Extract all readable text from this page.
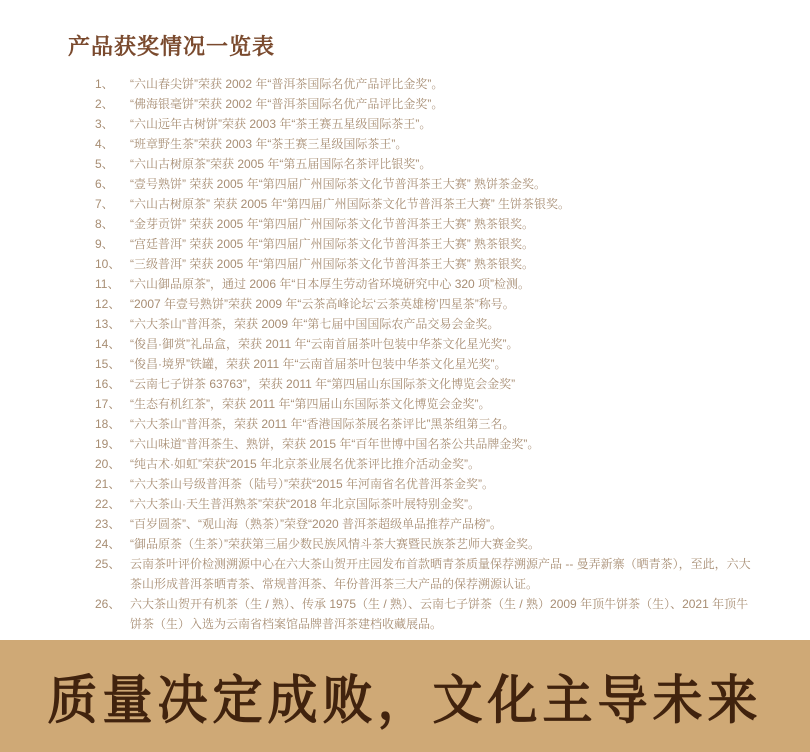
产品获奖情况一览表
1、	“六山春尖饼”荣获 2002 年“普洱茶国际名优产品评比金奖”。
2、	“佛海银毫饼”荣获 2002 年“普洱茶国际名优产品评比金奖”。
3、	“六山远年古树饼”荣获 2003 年“茶王赛五星级国际茶王”。
4、	“班章野生茶”荣获 2003 年“茶王赛三星级国际茶王”。
5、	“六山古树原茶”荣获 2005 年“第五届国际名茶评比银奖”。
6、	“壹号熟饼” 荣获 2005 年“第四届广州国际茶文化节普洱茶王大赛” 熟饼茶金奖。
7、	“六山古树原茶” 荣获 2005 年“第四届广州国际茶文化节普洱茶王大赛” 生饼茶银奖。
8、	“金芽贡饼” 荣获 2005 年“第四届广州国际茶文化节普洱茶王大赛” 熟茶银奖。
9、	“宫廷普洱” 荣获 2005 年“第四届广州国际茶文化节普洱茶王大赛” 熟茶银奖。
10、 “三级普洱” 荣获 2005 年“第四届广州国际茶文化节普洱茶王大赛” 熟茶银奖。
11、 “六山御品原茶”，通过 2006 年“日本厚生劳动省环境研究中心 320 项”检测。
12、 “2007 年壹号熟饼”荣获 2009 年“云茶高峰论坛‘云茶英雄榜’四星茶”称号。
13、 “六大茶山”普洱茶，荣获 2009 年“第七届中国国际农产品交易会金奖。
14、 “俊昌·御赏”礼品盒，荣获 2011 年“云南首届茶叶包装中华茶文化星光奖”。
15、 “俊昌·境界”铁罐，荣获 2011 年“云南首届茶叶包装中华茶文化星光奖”。
16、 “云南七子饼茶 63763”，荣获 2011 年“第四届山东国际茶文化博览会金奖”
17、 “生态有机红茶”，荣获 2011 年“第四届山东国际茶文化博览会金奖”。
18、 “六大茶山”普洱茶，荣获 2011 年“香港国际茶展名茶评比”黑茶组第三名。
19、 “六山味道”普洱茶生、熟饼，荣获 2015 年“百年世博中国名茶公共品牌金奖”。
20、 “纯古术·如虹”荣获“2015 年北京茶业展名优茶评比推介活动金奖”。
21、 “六大茶山号级普洱茶（陆号）”荣获“2015 年河南省名优普洱茶金奖”。
22、 “六大茶山·天生普洱熟茶”荣获“2018 年北京国际茶叶展特别金奖”。
23、 “百岁圆茶”、“观山海（熟茶）”荣登“2020 普洱茶超级单品推荐产品榜”。
24、 “御品原茶（生茶）”荣获第三届少数民族风情斗茶大赛暨民族茶艺师大赛金奖。
25、 云南茶叶评价检测溯源中心在六大茶山贺开庄园发布首款晒青茶质量保荐溯源产品 -- 曼弄新寨（晒青茶），至此，六大茶山形成普洱茶晒青茶、常规普洱茶、年份普洱茶三大产品的保荐溯源认证。
26、 六大茶山贺开有机茶（生 / 熟）、传承 1975（生 / 熟）、云南七子饼茶（生 / 熟）2009 年顶牛饼茶（生）、2021 年顶牛饼茶（生）入选为云南省档案馆品牌普洱茶建档收藏展品。
质量决定成败，文化主导未来
